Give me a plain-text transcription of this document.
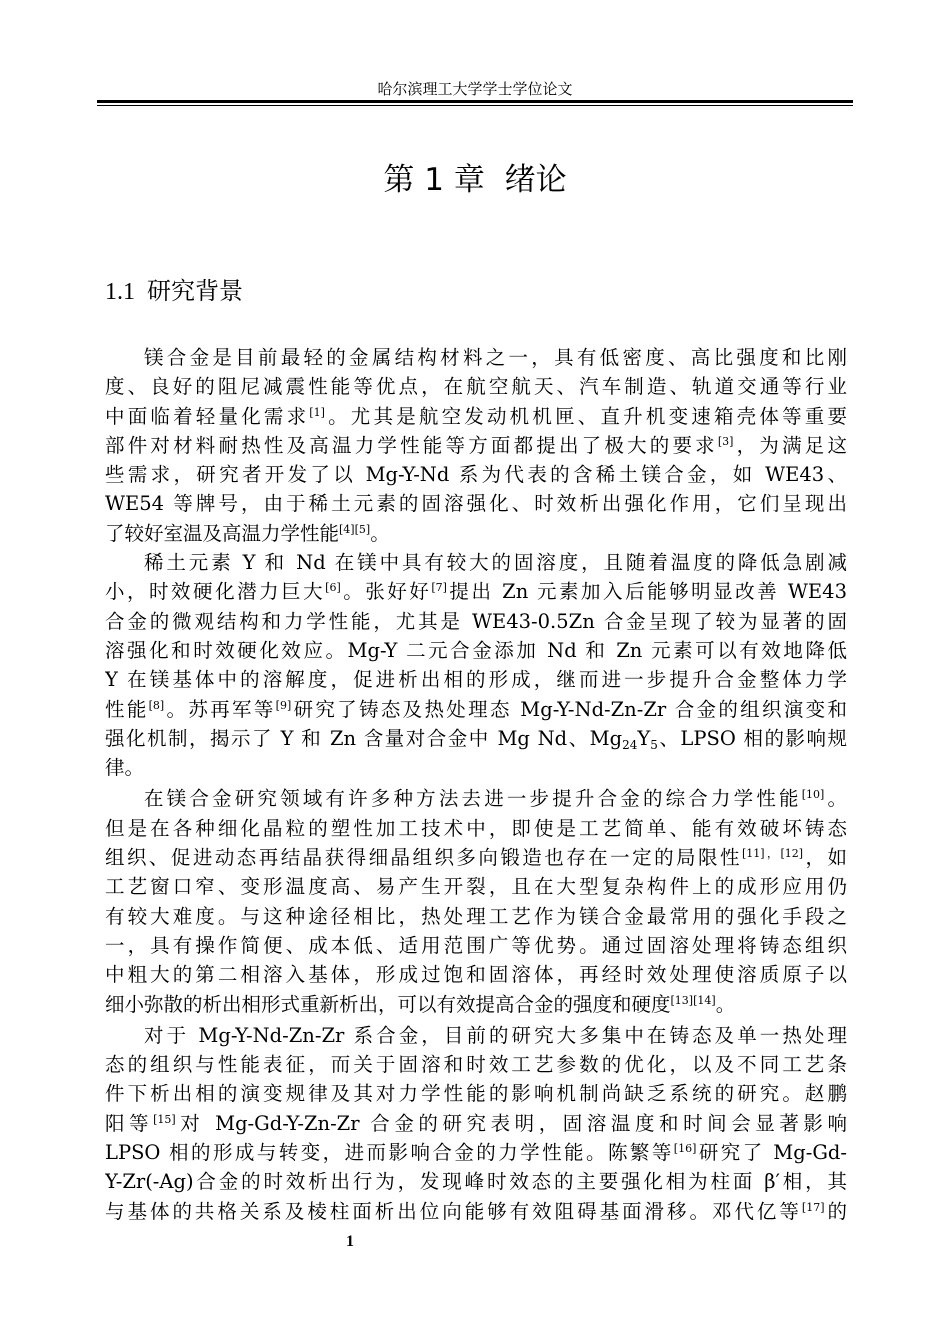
哈尔滨理工大学学士学位论文
第 1 章 绪论
1.1 研究背景
镁合金是目前最轻的金属结构材料之一，具有低密度、高比强度和比刚
度、良好的阻尼减震性能等优点，在航空航天、汽车制造、轨道交通等行业
中面临着轻量化需求[1]。尤其是航空发动机机匣、直升机变速箱壳体等重要
部件对材料耐热性及高温力学性能等方面都提出了极大的要求[3]，为满足这
些需求，研究者开发了以 Mg-Y-Nd 系为代表的含稀土镁合金，如 WE43、
WE54 等牌号，由于稀土元素的固溶强化、时效析出强化作用，它们呈现出
了较好室温及高温力学性能[4][5]。
稀土元素 Y 和 Nd 在镁中具有较大的固溶度，且随着温度的降低急剧减
小，时效硬化潜力巨大[6]。张好好[7]提出 Zn 元素加入后能够明显改善 WE43
合金的微观结构和力学性能，尤其是 WE43-0.5Zn 合金呈现了较为显著的固
溶强化和时效硬化效应。Mg-Y 二元合金添加 Nd 和 Zn 元素可以有效地降低
Y 在镁基体中的溶解度，促进析出相的形成，继而进一步提升合金整体力学
性能[8]。苏再军等[9]研究了铸态及热处理态 Mg-Y-Nd-Zn-Zr 合金的组织演变和
强化机制，揭示了 Y 和 Zn 含量对合金中 Mg Nd、$Mg_{24}Y_5$、LPSO 相的影响规
律。
在镁合金研究领域有许多种方法去进一步提升合金的综合力学性能[10]。
但是在各种细化晶粒的塑性加工技术中，即使是工艺简单、能有效破坏铸态
组织、促进动态再结晶获得细晶组织多向锻造也存在一定的局限性[11]，[12]，如
工艺窗口窄、变形温度高、易产生开裂，且在大型复杂构件上的成形应用仍
有较大难度。与这种途径相比，热处理工艺作为镁合金最常用的强化手段之
一，具有操作简便、成本低、适用范围广等优势。通过固溶处理将铸态组织
中粗大的第二相溶入基体，形成过饱和固溶体，再经时效处理使溶质原子以
细小弥散的析出相形式重新析出，可以有效提高合金的强度和硬度[13][14]。
对于 Mg-Y-Nd-Zn-Zr 系合金，目前的研究大多集中在铸态及单一热处理
态的组织与性能表征，而关于固溶和时效工艺参数的优化，以及不同工艺条
件下析出相的演变规律及其对力学性能的影响机制尚缺乏系统的研究。赵鹏
阳等[15]对 Mg-Gd-Y-Zn-Zr 合金的研究表明，固溶温度和时间会显著影响
LPSO 相的形成与转变，进而影响合金的力学性能。陈繁等[16]研究了 Mg-Gd-
Y-Zr(-Ag)合金的时效析出行为，发现峰时效态的主要强化相为柱面 β′相，其
与基体的共格关系及棱柱面析出位向能够有效阻碍基面滑移。邓代亿等[17]的
1
